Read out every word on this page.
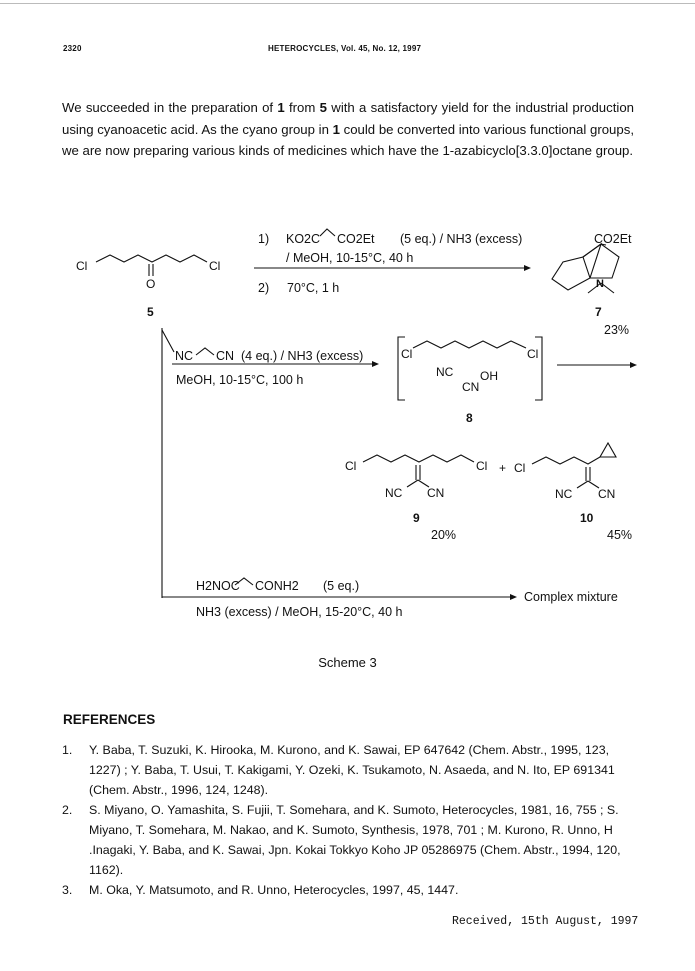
2320	HETEROCYCLES, Vol. 45, No. 12, 1997
We succeeded in the preparation of 1 from 5 with a satisfactory yield for the industrial production using cyanoacetic acid. As the cyano group in 1 could be converted into various functional groups, we are now preparing various kinds of medicines which have the 1-azabicyclo[3.3.0]octane group.
Cl	Cl
O
5
1) KO2C CO2Et (5 eq.) / NH3 (excess)
/ MeOH, 10-15°C, 40 h
2) 70°C, 1 h
CO2Et
N
7
23%
NC CN (4 eq.) / NH3 (excess)
MeOH, 10-15°C, 100 h
Cl	Cl
NC OH
CN
8
Cl	Cl
NC CN
+
9
20%
Cl
NC CN
10
45%
H2NOC CONH2 (5 eq.)
NH3 (excess) / MeOH, 15-20°C, 40 h
Complex mixture
Scheme 3
REFERENCES
1.	Y. Baba, T. Suzuki, K. Hirooka, M. Kurono, and K. Sawai, EP 647642 (Chem. Abstr., 1995, 123, 1227) ; Y. Baba, T. Usui, T. Kakigami, Y. Ozeki, K. Tsukamoto, N. Asaeda, and N. Ito, EP 691341 (Chem. Abstr., 1996, 124, 1248).
2.	S. Miyano, O. Yamashita, S. Fujii, T. Somehara, and K. Sumoto, Heterocycles, 1981, 16, 755 ; S. Miyano, T. Somehara, M. Nakao, and K. Sumoto, Synthesis, 1978, 701 ; M. Kurono, R. Unno, H .Inagaki, Y. Baba, and K. Sawai, Jpn. Kokai Tokkyo Koho JP 05286975 (Chem. Abstr., 1994, 120, 1162).
3.	M. Oka, Y. Matsumoto, and R. Unno, Heterocycles, 1997, 45, 1447.
Received, 15th August, 1997
